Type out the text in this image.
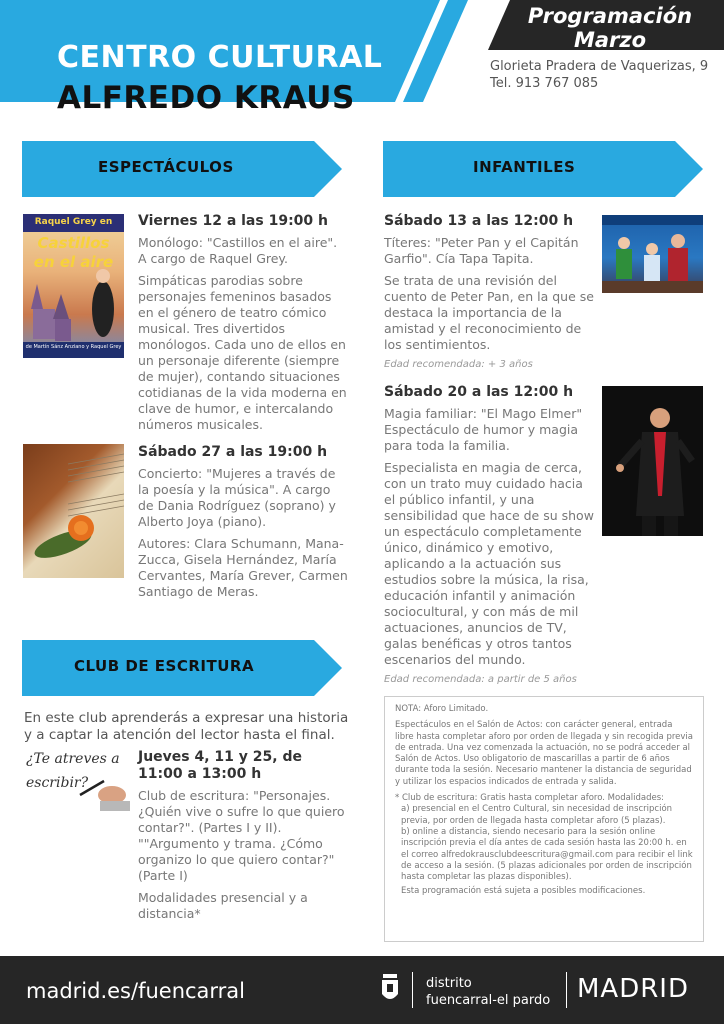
CENTRO CULTURAL
ALFREDO KRAUS
Programación
Marzo
Glorieta Pradera de Vaquerizas, 9
Tel. 913 767 085
ESPECTÁCULOS
Raquel Grey en
Castillos en el aire
de Martín Sánz Anziano y Raquel Grey
Viernes 12 a las 19:00 h

Monólogo: "Castillos en el aire". A cargo de Raquel Grey.

Simpáticas parodias sobre personajes femeninos basados en el género de teatro cómico musical. Tres divertidos monólogos. Cada uno de ellos en un personaje diferente (siempre de mujer), contando situaciones cotidianas de la vida moderna en clave de humor, e intercalando números musicales.

Sábado 27 a las 19:00 h

Concierto: "Mujeres a través de la poesía y la música". A cargo de Dania Rodríguez (soprano) y Alberto Joya (piano).

Autores: Clara Schumann, Mana-Zucca, Gisela Hernández, María Cervantes, María Grever, Carmen Santiago de Meras.

INFANTILES
Sábado 13 a las 12:00 h

Títeres: "Peter Pan y el Capitán Garfio". Cía Tapa Tapita.

Se trata de una revisión del cuento de Peter Pan, en la que se destaca la importancia de la amistad y el reconocimiento de los sentimientos.

Edad recomendada: + 3 años
Sábado 20 a las 12:00 h

Magia familiar: "El Mago Elmer" Espectáculo de humor y magia para toda la familia.

Especialista en magia de cerca, con un trato muy cuidado hacia el público infantil, y una sensibilidad que hace de su show un espectáculo completamente único, dinámico y emotivo, aplicando a la actuación sus estudios sobre la música, la risa, educación infantil y animación sociocultural, y con más de mil actuaciones, anuncios de TV, galas benéficas y otros tantos escenarios del mundo.

Edad recomendada: a partir de 5 años
CLUB DE ESCRITURA
En este club aprenderás a expresar una historia y a captar la atención del lector hasta el final.
¿Te atreves a
escribir?
Jueves 4, 11 y 25, de 11:00 a 13:00 h

Club de escritura: "Personajes. ¿Quién vive o sufre lo que quiero contar?". (Partes I y II). ""Argumento y trama. ¿Cómo organizo lo que quiero contar?" (Parte I)

Modalidades presencial y a distancia*

NOTA: Aforo Limitado.

Espectáculos en el Salón de Actos: con carácter general, entrada libre hasta completar aforo por orden de llegada y sin recogida previa de entrada. Una vez comenzada la actuación, no se podrá acceder al Salón de Actos. Uso obligatorio de mascarillas a partir de 6 años durante toda la sesión. Necesario mantener la distancia de seguridad y utilizar los espacios indicados de entrada y salida.

* Club de escritura: Gratis hasta completar aforo. Modalidades:

a) presencial en el Centro Cultural, sin necesidad de inscripción previa, por orden de llegada hasta completar aforo (5 plazas).

b) online a distancia, siendo necesario para la sesión online inscripción previa el día antes de cada sesión hasta las 20:00 h. en el correo alfredokrausclubdeescritura@gmail.com para recibir el link de acceso a la sesión. (5 plazas adicionales por orden de inscripción hasta completar las plazas disponibles).

Esta programación está sujeta a posibles modificaciones.

madrid.es/fuencarral	distrito
fuencarral-el pardo MADRID
